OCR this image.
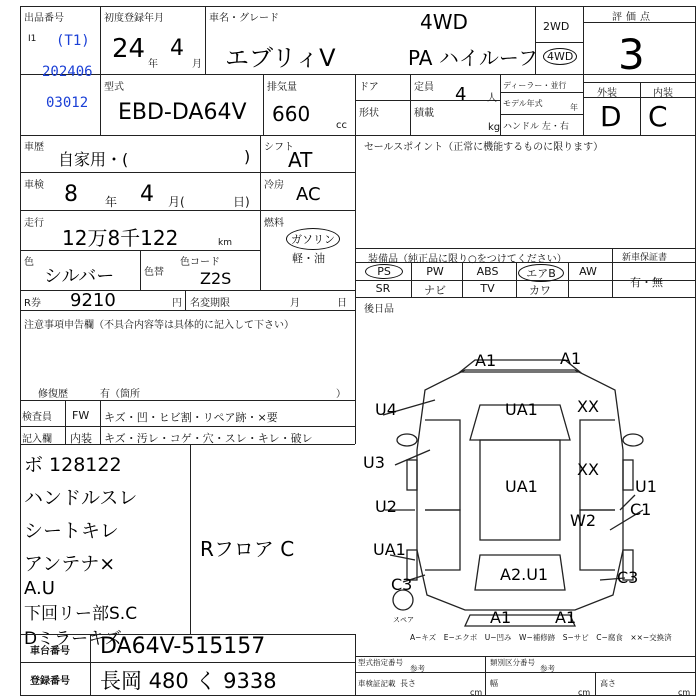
出品番号
I1 (T1)
202406
03012
初度登録年月
24
年
4
月
車名・グレード
エブリィV
4WD
PA ハイルーフ
2WD
4WD
評価点
3
型式
EBD-DA64V
排気量
660	cc
ドア	定員 4 人
形状	積載
kg
ディーラー・並行
モデル年式	年
ハンドル 左・右
外装	内装
D C
車歴
自家用・(	) シフト
AT
車検 8 年 4 月(	日)
冷房 AC
走行
12万8千122	km
燃料
ガソリン
軽・油
色
シルバー	色替
色コード
Z2S
R券 9210	円 名変期限	月	日
セールスポイント（正常に機能するものに限ります）
装備品（純正品に限り○をつけてください）	新車保証書
有・無
PS	PW	ABS	エアB	AW
SR	ナビ	TV	カワ
後日品
注意事項申告欄（不具合内容等は具体的に記入して下さい）
修復歴	有（箇所	）
検査員
記入欄
FW キズ・凹・ヒビ割・リペア跡・×要
内装 キズ・汚レ・コゲ・穴・スレ・キレ・破レ
ボ 128122
ハンドルスレ
シートキレ
アンテナ×
A.U
下回リー部S.C
Dミラーキズ
Rフロア C
A1	A1
U4	UA1 XX
U3
UA1
XX
U2
W2
U1
C1
UA1
C3
A2.U1	C3
A1	A1
スペア
A−キズ　E−エクボ　U−凹み　W−補修跡　S−サビ　C−腐食　××−交換済
車台番号 DA64V-515157
登録番号 長岡 480 く 9338
型式指定番号
参考
類別区分番号
参考
車検証記載 長さ
cm
幅
cm
高さ
cm
